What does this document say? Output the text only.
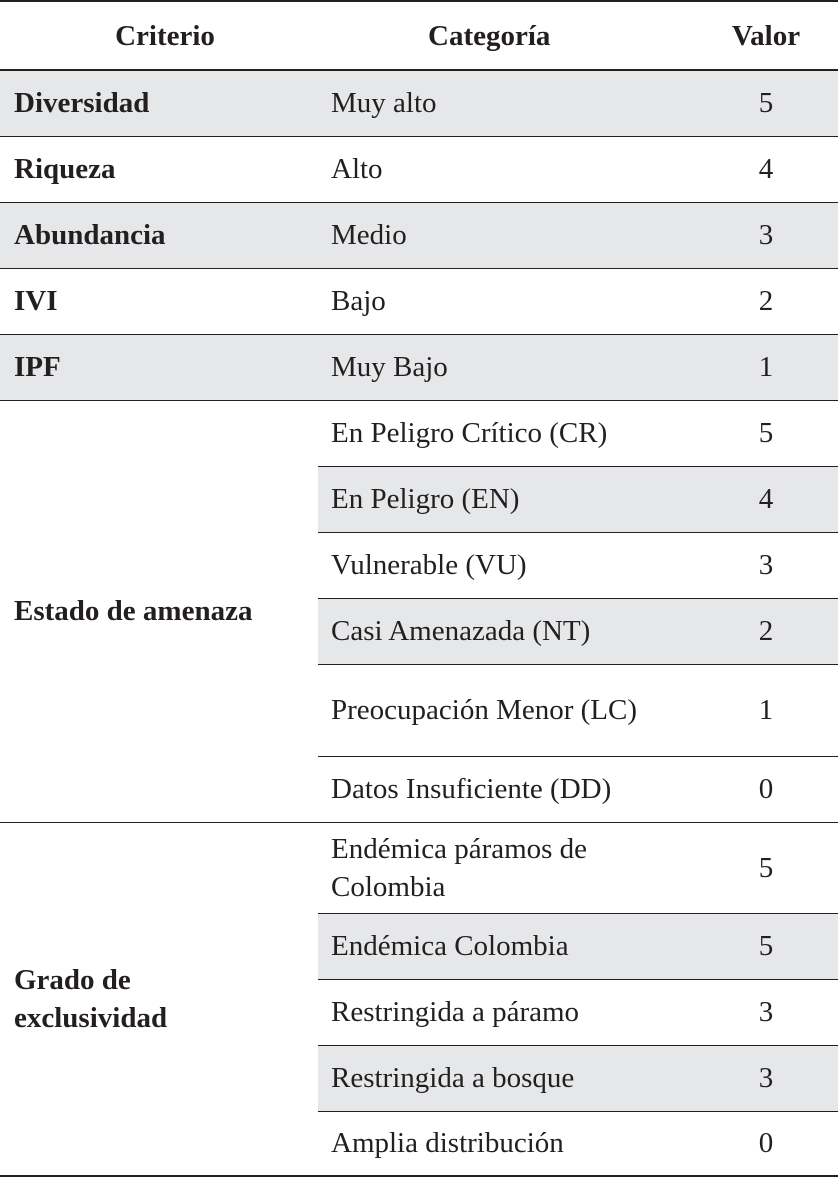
Criterio	Categoría	Valor
Diversidad	Muy alto	5
Riqueza	Alto	4
Abundancia	Medio	3
IVI	Bajo	2
IPF	Muy Bajo	1
Estado de amenaza	En Peligro Crítico (CR)	5
	En Peligro (EN)	4
	Vulnerable (VU)	3
	Casi Amenazada (NT)	2
	Preocupación Menor (LC)	1
	Datos Insuficiente (DD)	0
Grado de exclusividad	Endémica páramos de Colombia	5
	Endémica Colombia	5
	Restringida a páramo	3
	Restringida a bosque	3
	Amplia distribución	0
